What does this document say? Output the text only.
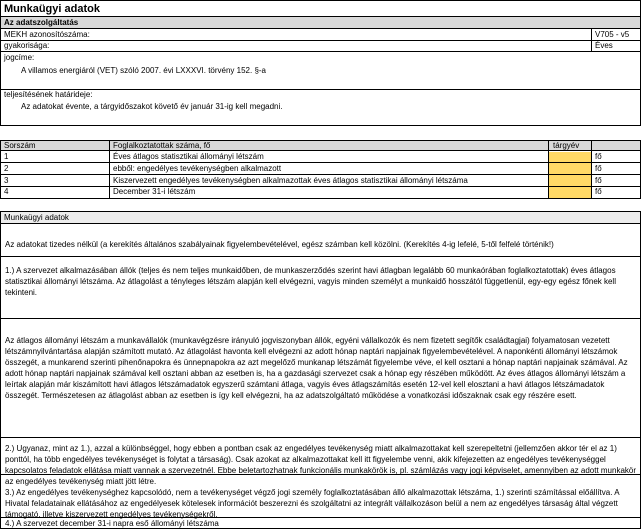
Munkaügyi adatok
Az adatszolgáltatás
MEKH azonosítószáma:	V705 - v5
gyakorisága:	Éves
jogcíme:
A villamos energiáról (VET) szóló 2007. évi LXXXVI. törvény 152. §-a
teljesítésének határideje:
Az adatokat évente, a tárgyidőszakot követő év január 31-ig kell megadni.
Sorszám	Foglalkoztatottak száma, fő	tárgyév
1	Éves átlagos statisztikai állományi létszám	fő
2	ebből: engedélyes tevékenységben alkalmazott	fő
3	Kiszervezett engedélyes tevékenységben alkalmazottak éves átlagos statisztikai állományi létszáma	fő
4	December 31-i létszám	fő
Munkaügyi adatok
Az adatokat tizedes nélkül (a kerekítés általános szabályainak figyelembevételével, egész számban kell közölni. (Kerekítés 4-ig lefelé, 5-től felfelé történik!)
1.) A szervezet alkalmazásában állók (teljes és nem teljes munkaidőben, de munkaszerződés szerint havi átlagban legalább 60 munkaórában foglalkoztatottak) éves átlagos statisztikai állományi létszáma. Az átlagolást a tényleges létszám alapján kell elvégezni, vagyis minden személyt a munkaidő hosszától függetlenül, egy-egy egész főnek kell tekinteni.
Az átlagos állományi létszám a munkavállalók (munkavégzésre irányuló jogviszonyban állók, egyéni vállalkozók és nem fizetett segítők családtagjai) folyamatosan vezetett létszámnyilvántartása alapján számított mutató. Az átlagolást havonta kell elvégezni az adott hónap naptári napjainak figyelembevételével. A naponkénti állományi létszámok összegét, a munkarend szerinti pihenőnapokra és ünnepnapokra az azt megelőző munkanap létszámát figyelembe véve, el kell osztani a hónap naptári napjainak számával. Az adott hónap naptári napjainak számával kell osztani abban az esetben is, ha a gazdasági szervezet csak a hónap egy részében működött. Az éves átlagos állományi létszám a leírtak alapján már kiszámított havi átlagos létszámadatok egyszerű számtani átlaga, vagyis éves átlagszámítás esetén 12-vel kell elosztani a havi átlagos létszámadatok összegét. Természetesen az átlagolást abban az esetben is így kell elvégezni, ha az adatszolgáltató működése a vonatkozási időszaknak csak egy részére esett.
2.) Ugyanaz, mint az 1.), azzal a különbséggel, hogy ebben a pontban csak az engedélyes tevékenység miatt alkalmazottakat kell szerepeltetni (jellemzően akkor tér el az 1) ponttól, ha több engedélyes tevékenységet is folytat a társaság). Csak azokat az alkalmazottakat kell itt figyelembe venni, akik kifejezetten az engedélyes tevékenységgel kapcsolatos feladatok ellátása miatt vannak a szervezetnél. Ebbe beletartozhatnak funkcionális munkakörök is, pl. számlázás vagy jogi képviselet, amennyiben az adott munkakör az engedélyes tevékenység miatt jött létre.
3.) Az engedélyes tevékenységhez kapcsolódó, nem a tevékenységet végző jogi személy foglalkoztatásában álló alkalmazottak létszáma, 1.) szerinti számítással előállítva. A Hivatal feladatainak ellátásához az engedélyesek kötelesek információt beszerezni és szolgáltatni az integrált vállalkozáson belül a nem az engedélyes társaság által végzett támogató, illetve kiszervezett engedélyes tevékenységekről.
4.) A szervezet december 31-i napra eső állományi létszáma
